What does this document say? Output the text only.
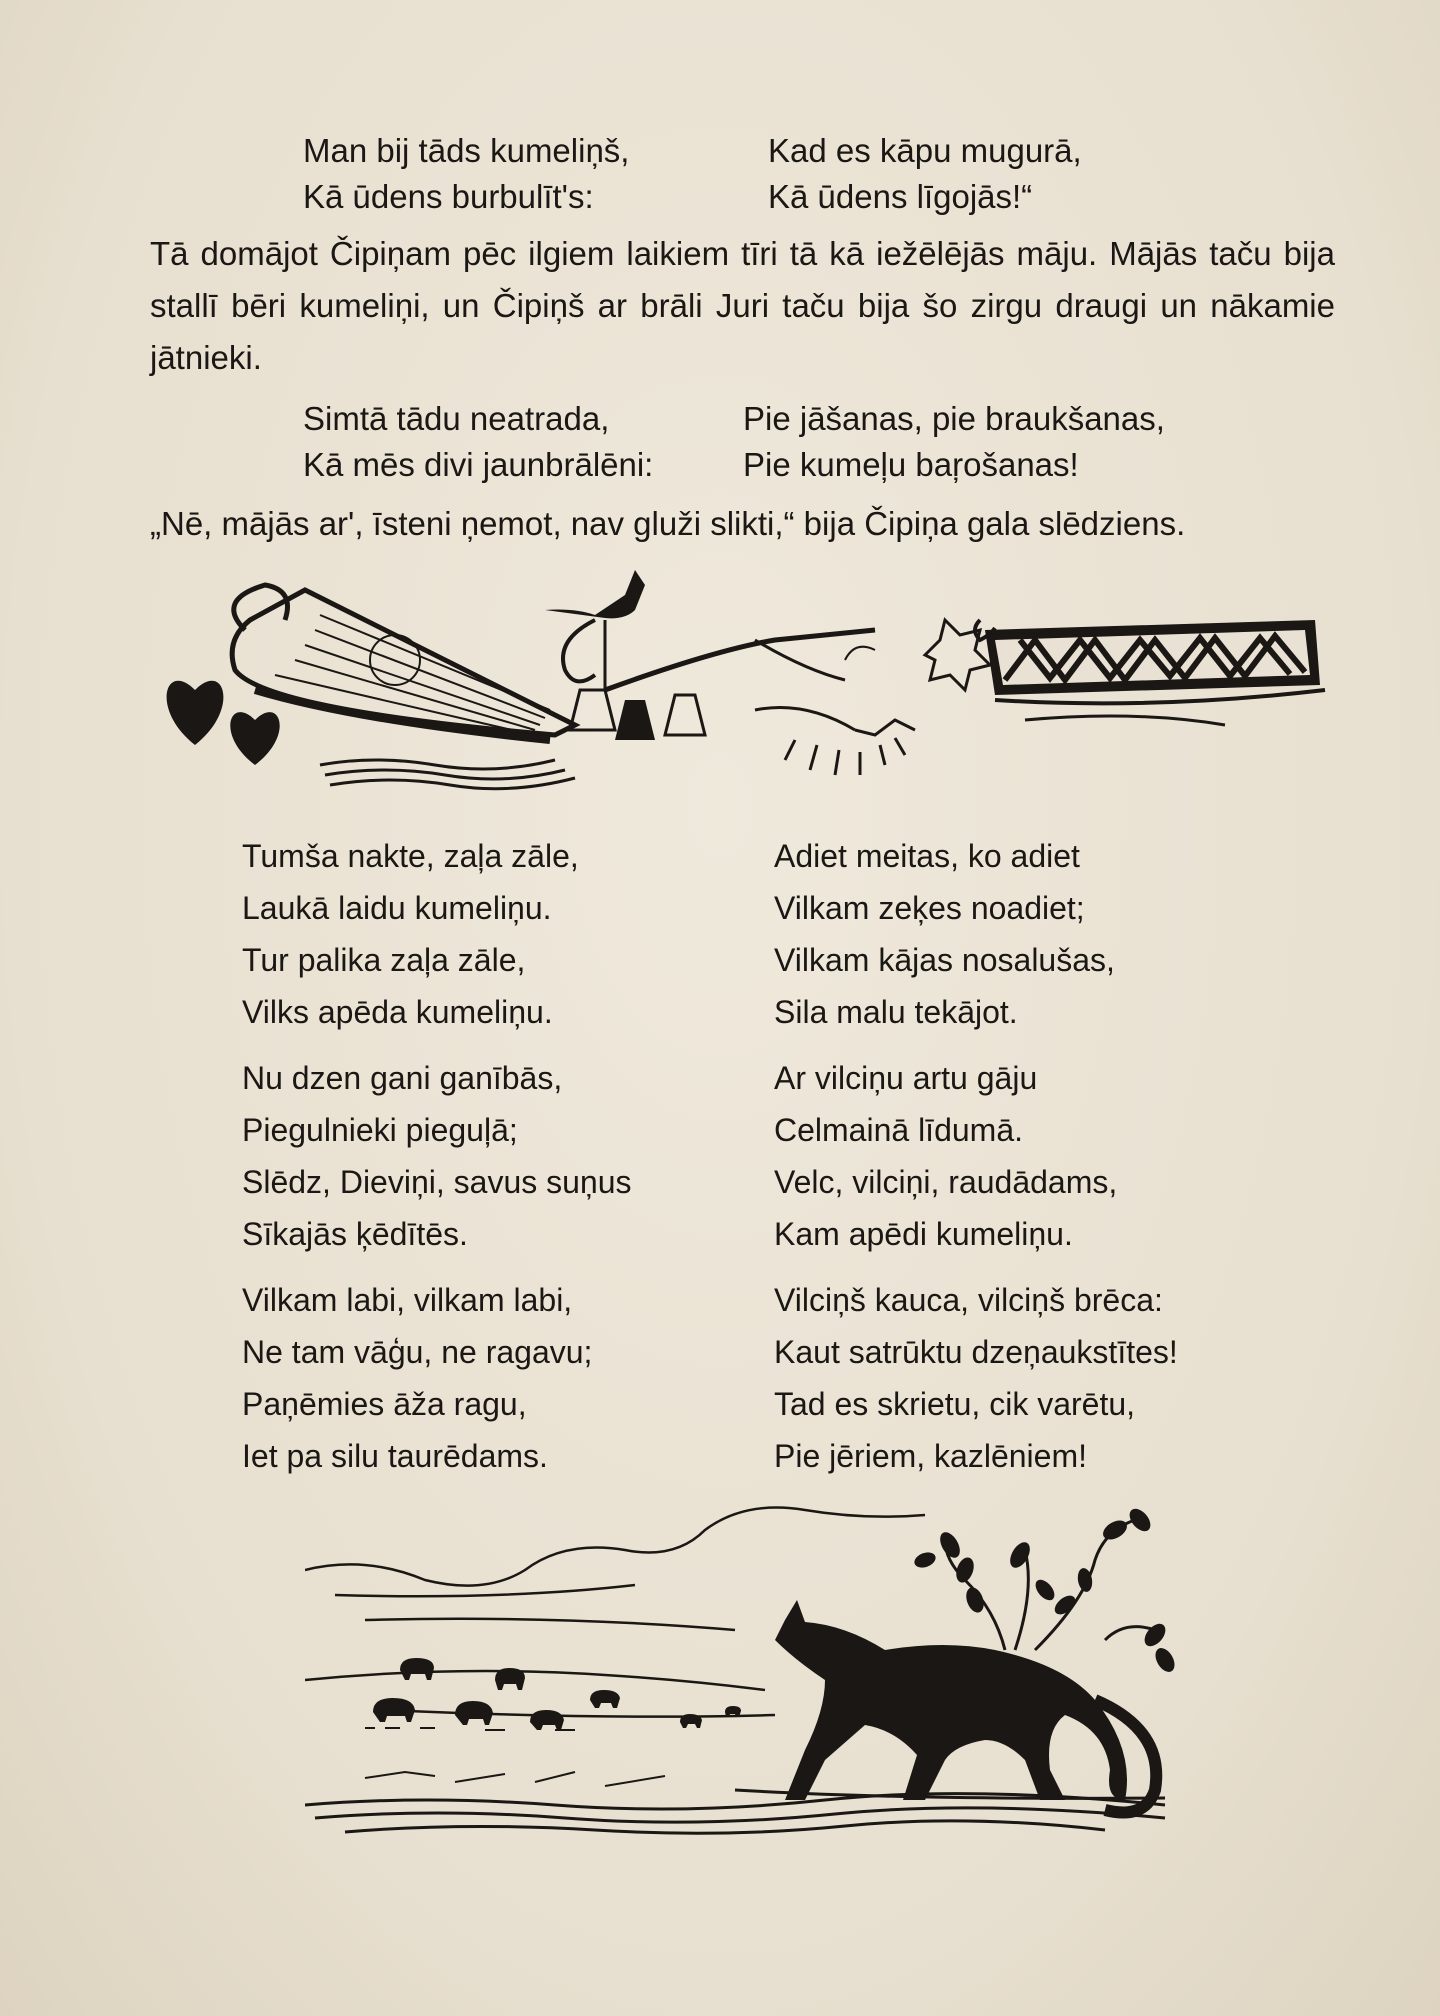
Man bij tāds kumeliņš,
Kā ūdens burbulīt's:
Kad es kāpu mugurā,
Kā ūdens līgojās!“

Tā domājot Čipiņam pēc ilgiem laikiem tīri tā kā iežēlējās māju. Mājās taču bija stallī bēri kumeliņi, un Čipiņš ar brāli Juri taču bija šo zirgu draugi un nākamie jātnieki.

Simtā tādu neatrada,
Kā mēs divi jaunbrālēni:
Pie jāšanas, pie braukšanas,
Pie kumeļu baŗošanas!

„Nē, mājās ar', īsteni ņemot, nav gluži slikti,“ bija Čipiņa gala slēdziens.

Tumša nakte, zaļa zāle,
Laukā laidu kumeliņu.
Tur palika zaļa zāle,
Vilks apēda kumeliņu.
Nu dzen gani ganībās,
Piegulnieki pieguļā;
Slēdz, Dieviņi, savus suņus
Sīkajās ķēdītēs.
Vilkam labi, vilkam labi,
Ne tam vāģu, ne ragavu;
Paņēmies āža ragu,
Iet pa silu taurēdams.
Adiet meitas, ko adiet
Vilkam zeķes noadiet;
Vilkam kājas nosalušas,
Sila malu tekājot.
Ar vilciņu artu gāju
Celmainā līdumā.
Velc, vilciņi, raudādams,
Kam apēdi kumeliņu.
Vilciņš kauca, vilciņš brēca:
Kaut satrūktu dzeņaukstītes!
Tad es skrietu, cik varētu,
Pie jēriem, kazlēniem!
